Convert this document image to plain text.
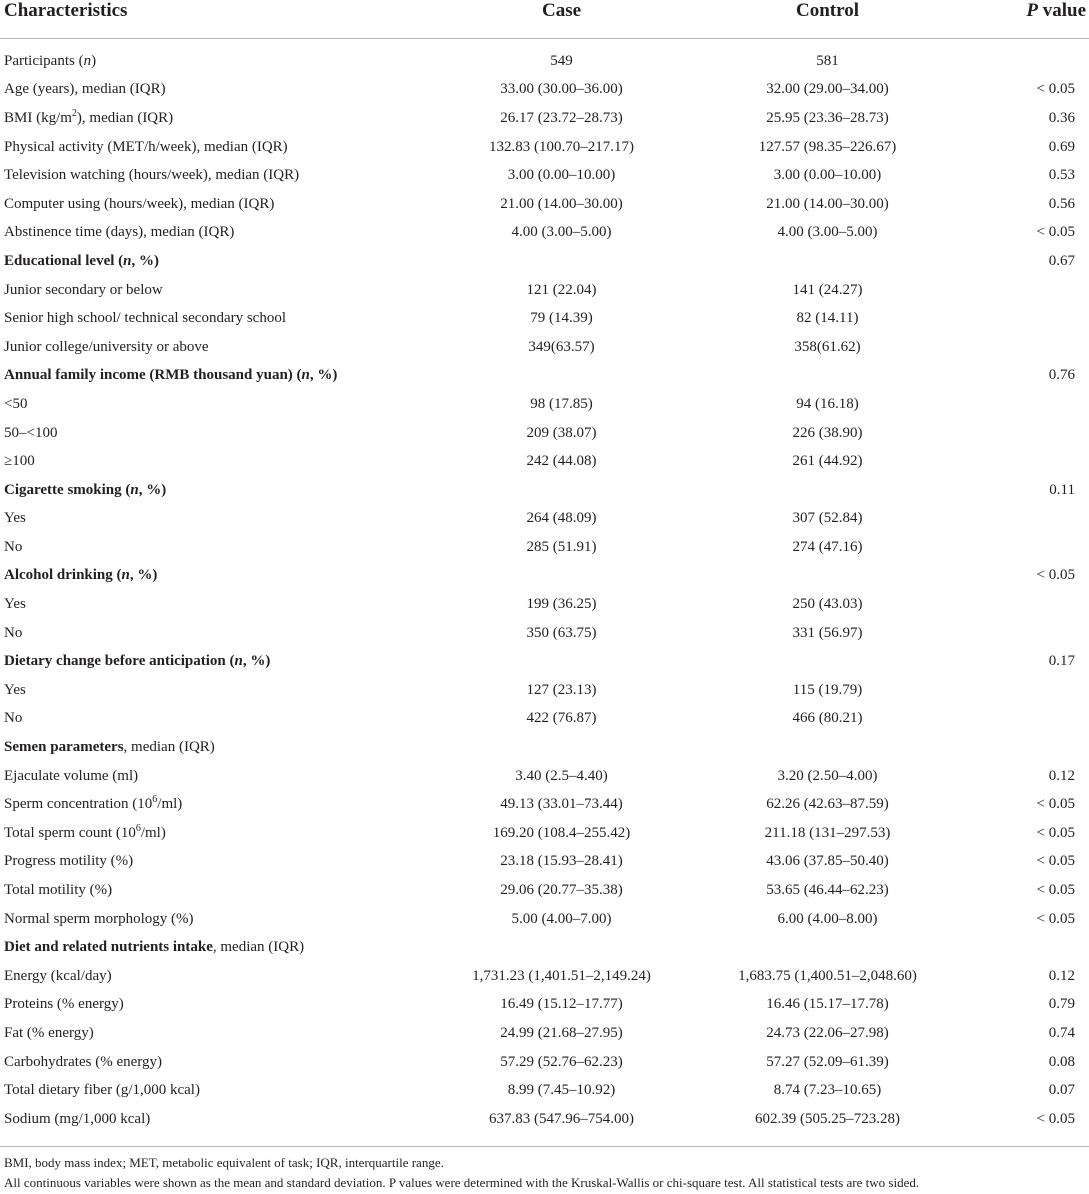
Characteristics	Case	Control	P value
Participants (n)	549	581	
Age (years), median (IQR)	33.00 (30.00–36.00)	32.00 (29.00–34.00)	< 0.05
BMI $(kg/m^2)$, median (IQR)	26.17 (23.72–28.73)	25.95 (23.36–28.73)	0.36
Physical activity (MET/h/week), median (IQR)	132.83 (100.70–217.17)	127.57 (98.35–226.67)	0.69
Television watching (hours/week), median (IQR)	3.00 (0.00–10.00)	3.00 (0.00–10.00)	0.53
Computer using (hours/week), median (IQR)	21.00 (14.00–30.00)	21.00 (14.00–30.00)	0.56
Abstinence time (days), median (IQR)	4.00 (3.00–5.00)	4.00 (3.00–5.00)	< 0.05
Educational level (n, %)			0.67
Junior secondary or below	121 (22.04)	141 (24.27)	
Senior high school/ technical secondary school	79 (14.39)	82 (14.11)	
Junior college/university or above	349(63.57)	358(61.62)	
Annual family income (RMB thousand yuan) (n, %)			0.76
<50	98 (17.85)	94 (16.18)	
50–<100	209 (38.07)	226 (38.90)	
≥100	242 (44.08)	261 (44.92)	
Cigarette smoking (n, %)			0.11
Yes	264 (48.09)	307 (52.84)	
No	285 (51.91)	274 (47.16)	
Alcohol drinking (n, %)			< 0.05
Yes	199 (36.25)	250 (43.03)	
No	350 (63.75)	331 (56.97)	
Dietary change before anticipation (n, %)			0.17
Yes	127 (23.13)	115 (19.79)	
No	422 (76.87)	466 (80.21)	
Semen parameters, median (IQR)			
Ejaculate volume (ml)	3.40 (2.5–4.40)	3.20 (2.50–4.00)	0.12
Sperm concentration $(10^6/ml)$	49.13 (33.01–73.44)	62.26 (42.63–87.59)	< 0.05
Total sperm count $(10^6/ml)$	169.20 (108.4–255.42)	211.18 (131–297.53)	< 0.05
Progress motility (%)	23.18 (15.93–28.41)	43.06 (37.85–50.40)	< 0.05
Total motility (%)	29.06 (20.77–35.38)	53.65 (46.44–62.23)	< 0.05
Normal sperm morphology (%)	5.00 (4.00–7.00)	6.00 (4.00–8.00)	< 0.05
Diet and related nutrients intake, median (IQR)			
Energy (kcal/day)	1,731.23 (1,401.51–2,149.24)	1,683.75 (1,400.51–2,048.60)	0.12
Proteins (% energy)	16.49 (15.12–17.77)	16.46 (15.17–17.78)	0.79
Fat (% energy)	24.99 (21.68–27.95)	24.73 (22.06–27.98)	0.74
Carbohydrates (% energy)	57.29 (52.76–62.23)	57.27 (52.09–61.39)	0.08
Total dietary fiber (g/1,000 kcal)	8.99 (7.45–10.92)	8.74 (7.23–10.65)	0.07
Sodium (mg/1,000 kcal)	637.83 (547.96–754.00)	602.39 (505.25–723.28)	< 0.05
BMI, body mass index; MET, metabolic equivalent of task; IQR, interquartile range.
All continuous variables were shown as the mean and standard deviation. P values were determined with the Kruskal-Wallis or chi-square test. All statistical tests are two sided.
